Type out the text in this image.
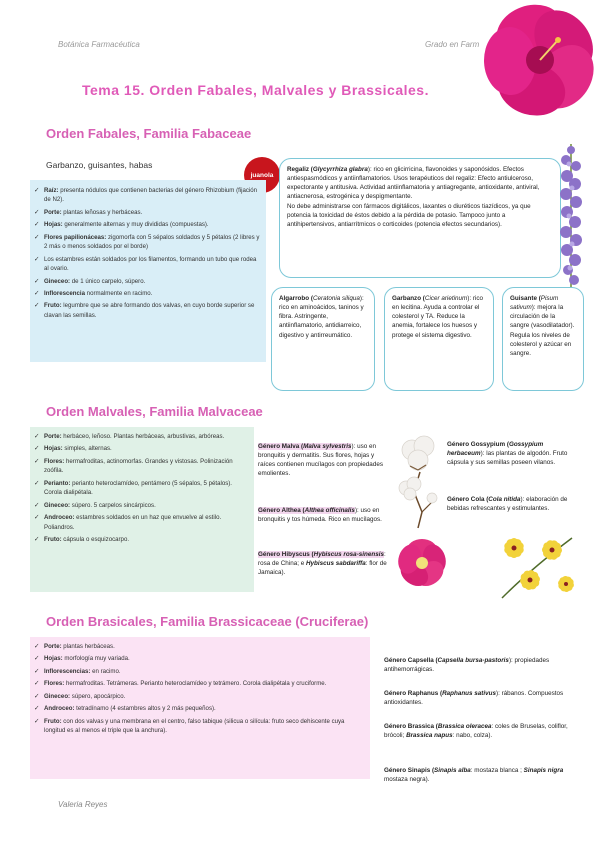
Botánica Farmacéutica	Grado en Farm
Tema 15. Orden Fabales, Malvales y Brassicales.
Orden Fabales, Familia Fabaceae
Garbanzo, guisantes, habas
juanola
✓ Raíz: presenta nódulos que contienen bacterias del género Rhizobium (fijación de N2).
✓ Porte: plantas leñosas y herbáceas.
✓ Hojas: generalmente alternas y muy divididas (compuestas).
✓ Flores papilionáceas: zigomorfa con 5 sépalos soldados y 5 pétalos (2 libres y 2 más o menos soldados por el borde)
✓ Los estambres están soldados por los filamentos, formando un tubo que rodea al ovario.
✓ Gineceo: de 1 único carpelo, súpero.
✓ Inflorescencia normalmente en racimo.
✓ Fruto: legumbre que se abre formando dos valvas, en cuyo borde superior se clavan las semillas.
Regaliz (Glycyrrhiza glabra): rico en glicirricina, flavonoides y saponósidos. Efectos antiespasmódicos y antiinflamatorios. Usos terapéuticos del regaliz: Efecto antiulceroso, expectorante y antitusiva. Actividad antiinflamatoria y antiagregante, antioxidante, antiviral, antiacnerosa, estrogénica y despigmentante.
No debe administrarse con fármacos digitálicos, laxantes o diuréticos tiazídicos, ya que potencia la toxicidad de éstos debido a la pérdida de potasio. Tampoco junto a antihipertensivos, antiarrítmicos o corticoides (potencia efectos secundarios).
Algarrobo (Ceratonia siliqua): rico en aminoácidos, taninos y fibra. Astringente, antiinflamatorio, antidiarreico, digestivo y antirreumático.
Garbanzo (Cicer arietinum): rico en lecitina. Ayuda a controlar el colesterol y TA. Reduce la anemia, fortalece los huesos y protege el sistema digestivo.
Guisante (Pisum sativum): mejora la circulación de la sangre (vasodilatador). Regula los niveles de colesterol y azúcar en sangre.
Orden Malvales, Familia Malvaceae
✓ Porte: herbáceo, leñoso. Plantas herbáceas, arbustivas, arbóreas.
✓ Hojas: simples, alternas.
✓ Flores: hermafroditas, actinomorfas. Grandes y vistosas. Polinización zoófila.
✓ Perianto: perianto heteroclamídeo, pentámero (5 sépalos, 5 pétalos). Corola dialipétala.
✓ Gineceo: súpero. 5 carpelos sincárpicos.
✓ Androceo: estambres soldados en un haz que envuelve al estilo. Poliandros.
✓ Fruto: cápsula o esquizocarpo.
Género Malva (Malva sylvestris): uso en bronquitis y dermatitis. Sus flores, hojas y raíces contienen mucílagos con propiedades emolientes.
Género Althea (Althea officinalis): uso en bronquitis y tos húmeda. Rico en mucílagos.
Género Hibyscus (Hybiscus rosa-sinensis: rosa de China; e Hybiscus sabdariffa: flor de Jamaica).
Género Gossypium (Gossypium herbaceum): las plantas de algodón. Fruto cápsula y sus semillas poseen vilanos.
Género Cola (Cola nitida): elaboración de bebidas refrescantes y estimulantes.
Orden Brasicales, Familia Brassicaceae (Cruciferae)
✓ Porte: plantas herbáceas.
✓ Hojas: morfología muy variada.
✓ Inflorescencias: en racimo.
✓ Flores: hermafroditas. Tetrámeras. Perianto heteroclamídeo y tetrámero. Corola dialipétala y cruciforme.
✓ Gineceo: súpero, apocárpico.
✓ Androceo: tetradínamo (4 estambres altos y 2 más pequeños).
✓ Fruto: con dos valvas y una membrana en el centro, falso tabique (silicua o silícula: fruto seco dehiscente cuya longitud es al menos el triple que la anchura).
Género Capsella (Capsella bursa-pastoris): propiedades antihemorrágicas.
Género Raphanus (Raphanus sativus): rábanos. Compuestos antioxidantes.
Género Brassica (Brassica oleracea: coles de Bruselas, coliflor, brócoli; Brassica napus: nabo, colza).
Género Sinapis (Sinapis alba: mostaza blanca ; Sinapis nigra mostaza negra).
Valeria Reyes
